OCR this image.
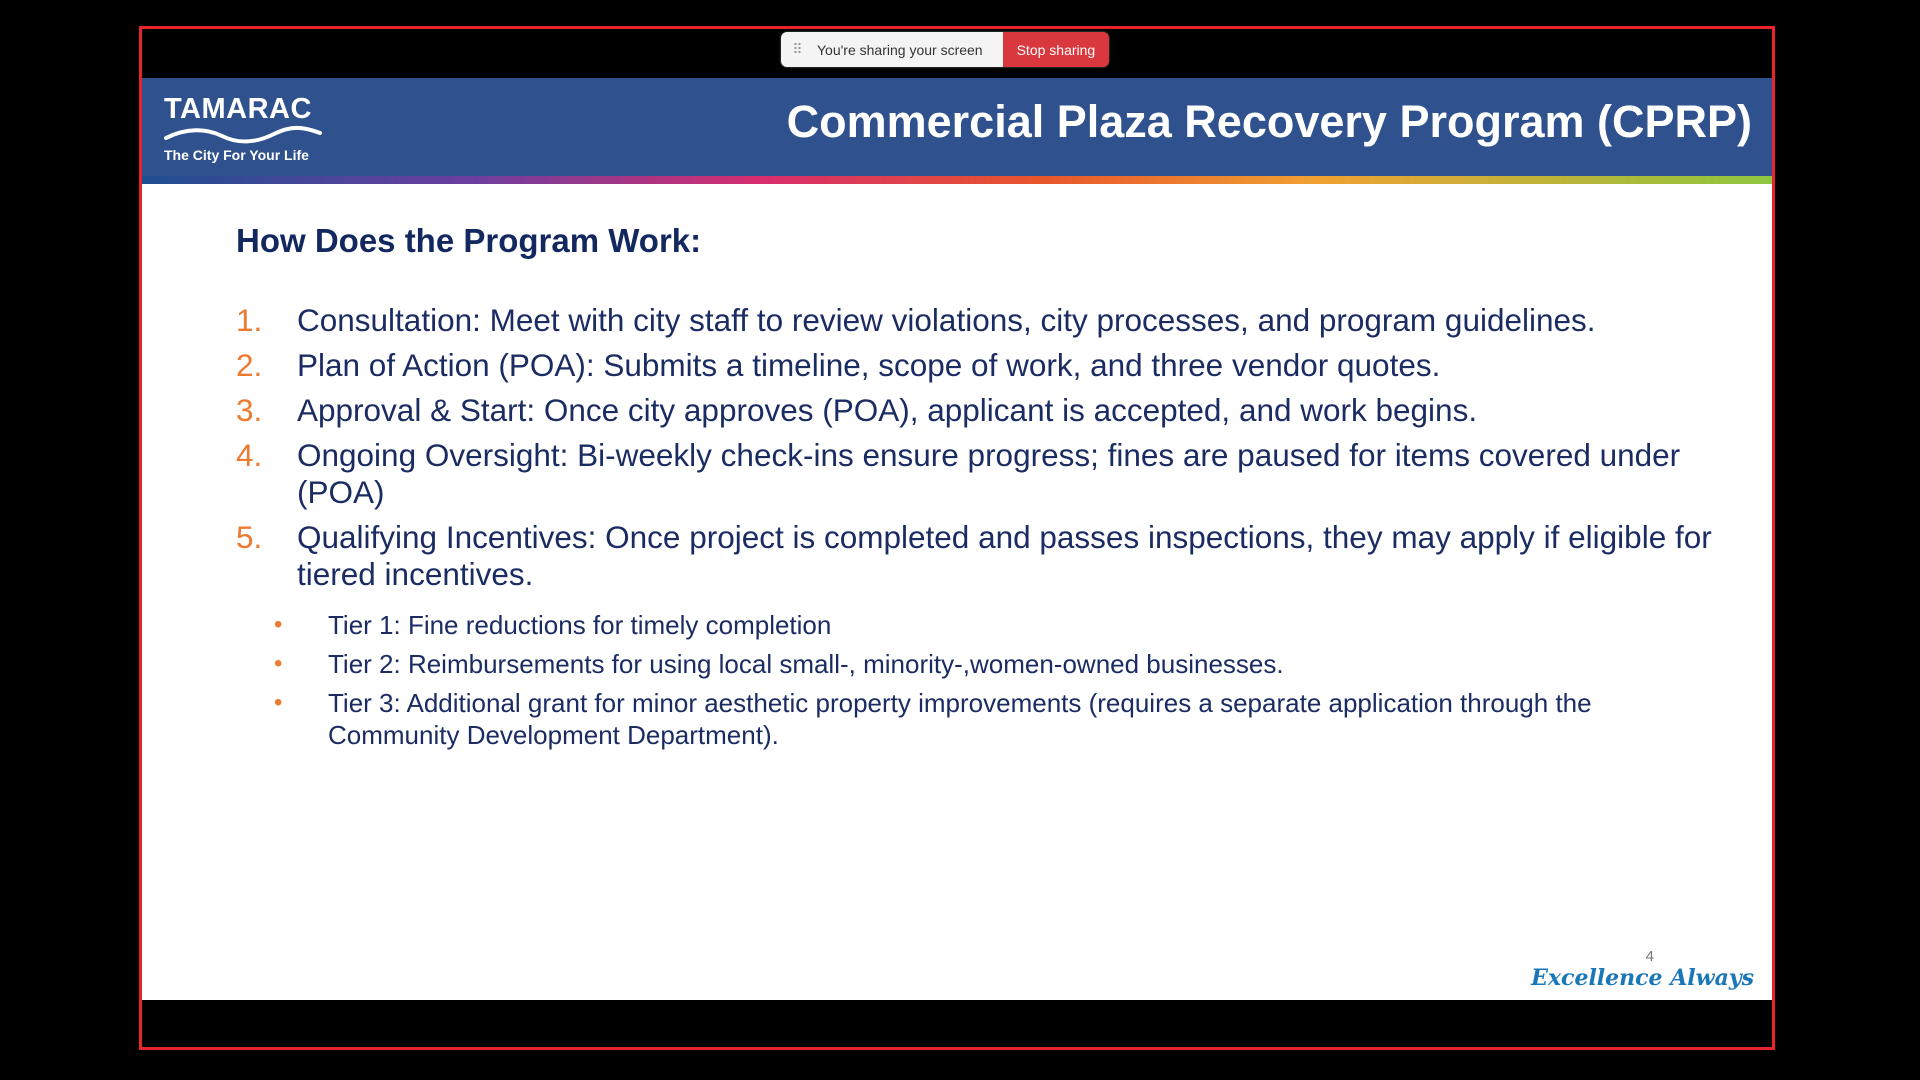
⠿	You're sharing your screen	Stop sharing
TAMARAC
The City For Your Life
Commercial Plaza Recovery Program (CPRP)
How Does the Program Work:
1.	Consultation: Meet with city staff to review violations, city processes, and program guidelines.
2.	Plan of Action (POA): Submits a timeline, scope of work, and three vendor quotes.
3.	Approval & Start: Once city approves (POA), applicant is accepted, and work begins.
4.	Ongoing Oversight: Bi-weekly check-ins ensure progress; fines are paused for items covered under (POA)
5.	Qualifying Incentives: Once project is completed and passes inspections, they may apply if eligible for tiered incentives.
•	Tier 1: Fine reductions for timely completion
•	Tier 2: Reimbursements for using local small-, minority-,women-owned businesses.
•	Tier 3: Additional grant for minor aesthetic property improvements (requires a separate application through the Community Development Department).
4
Excellence Always
